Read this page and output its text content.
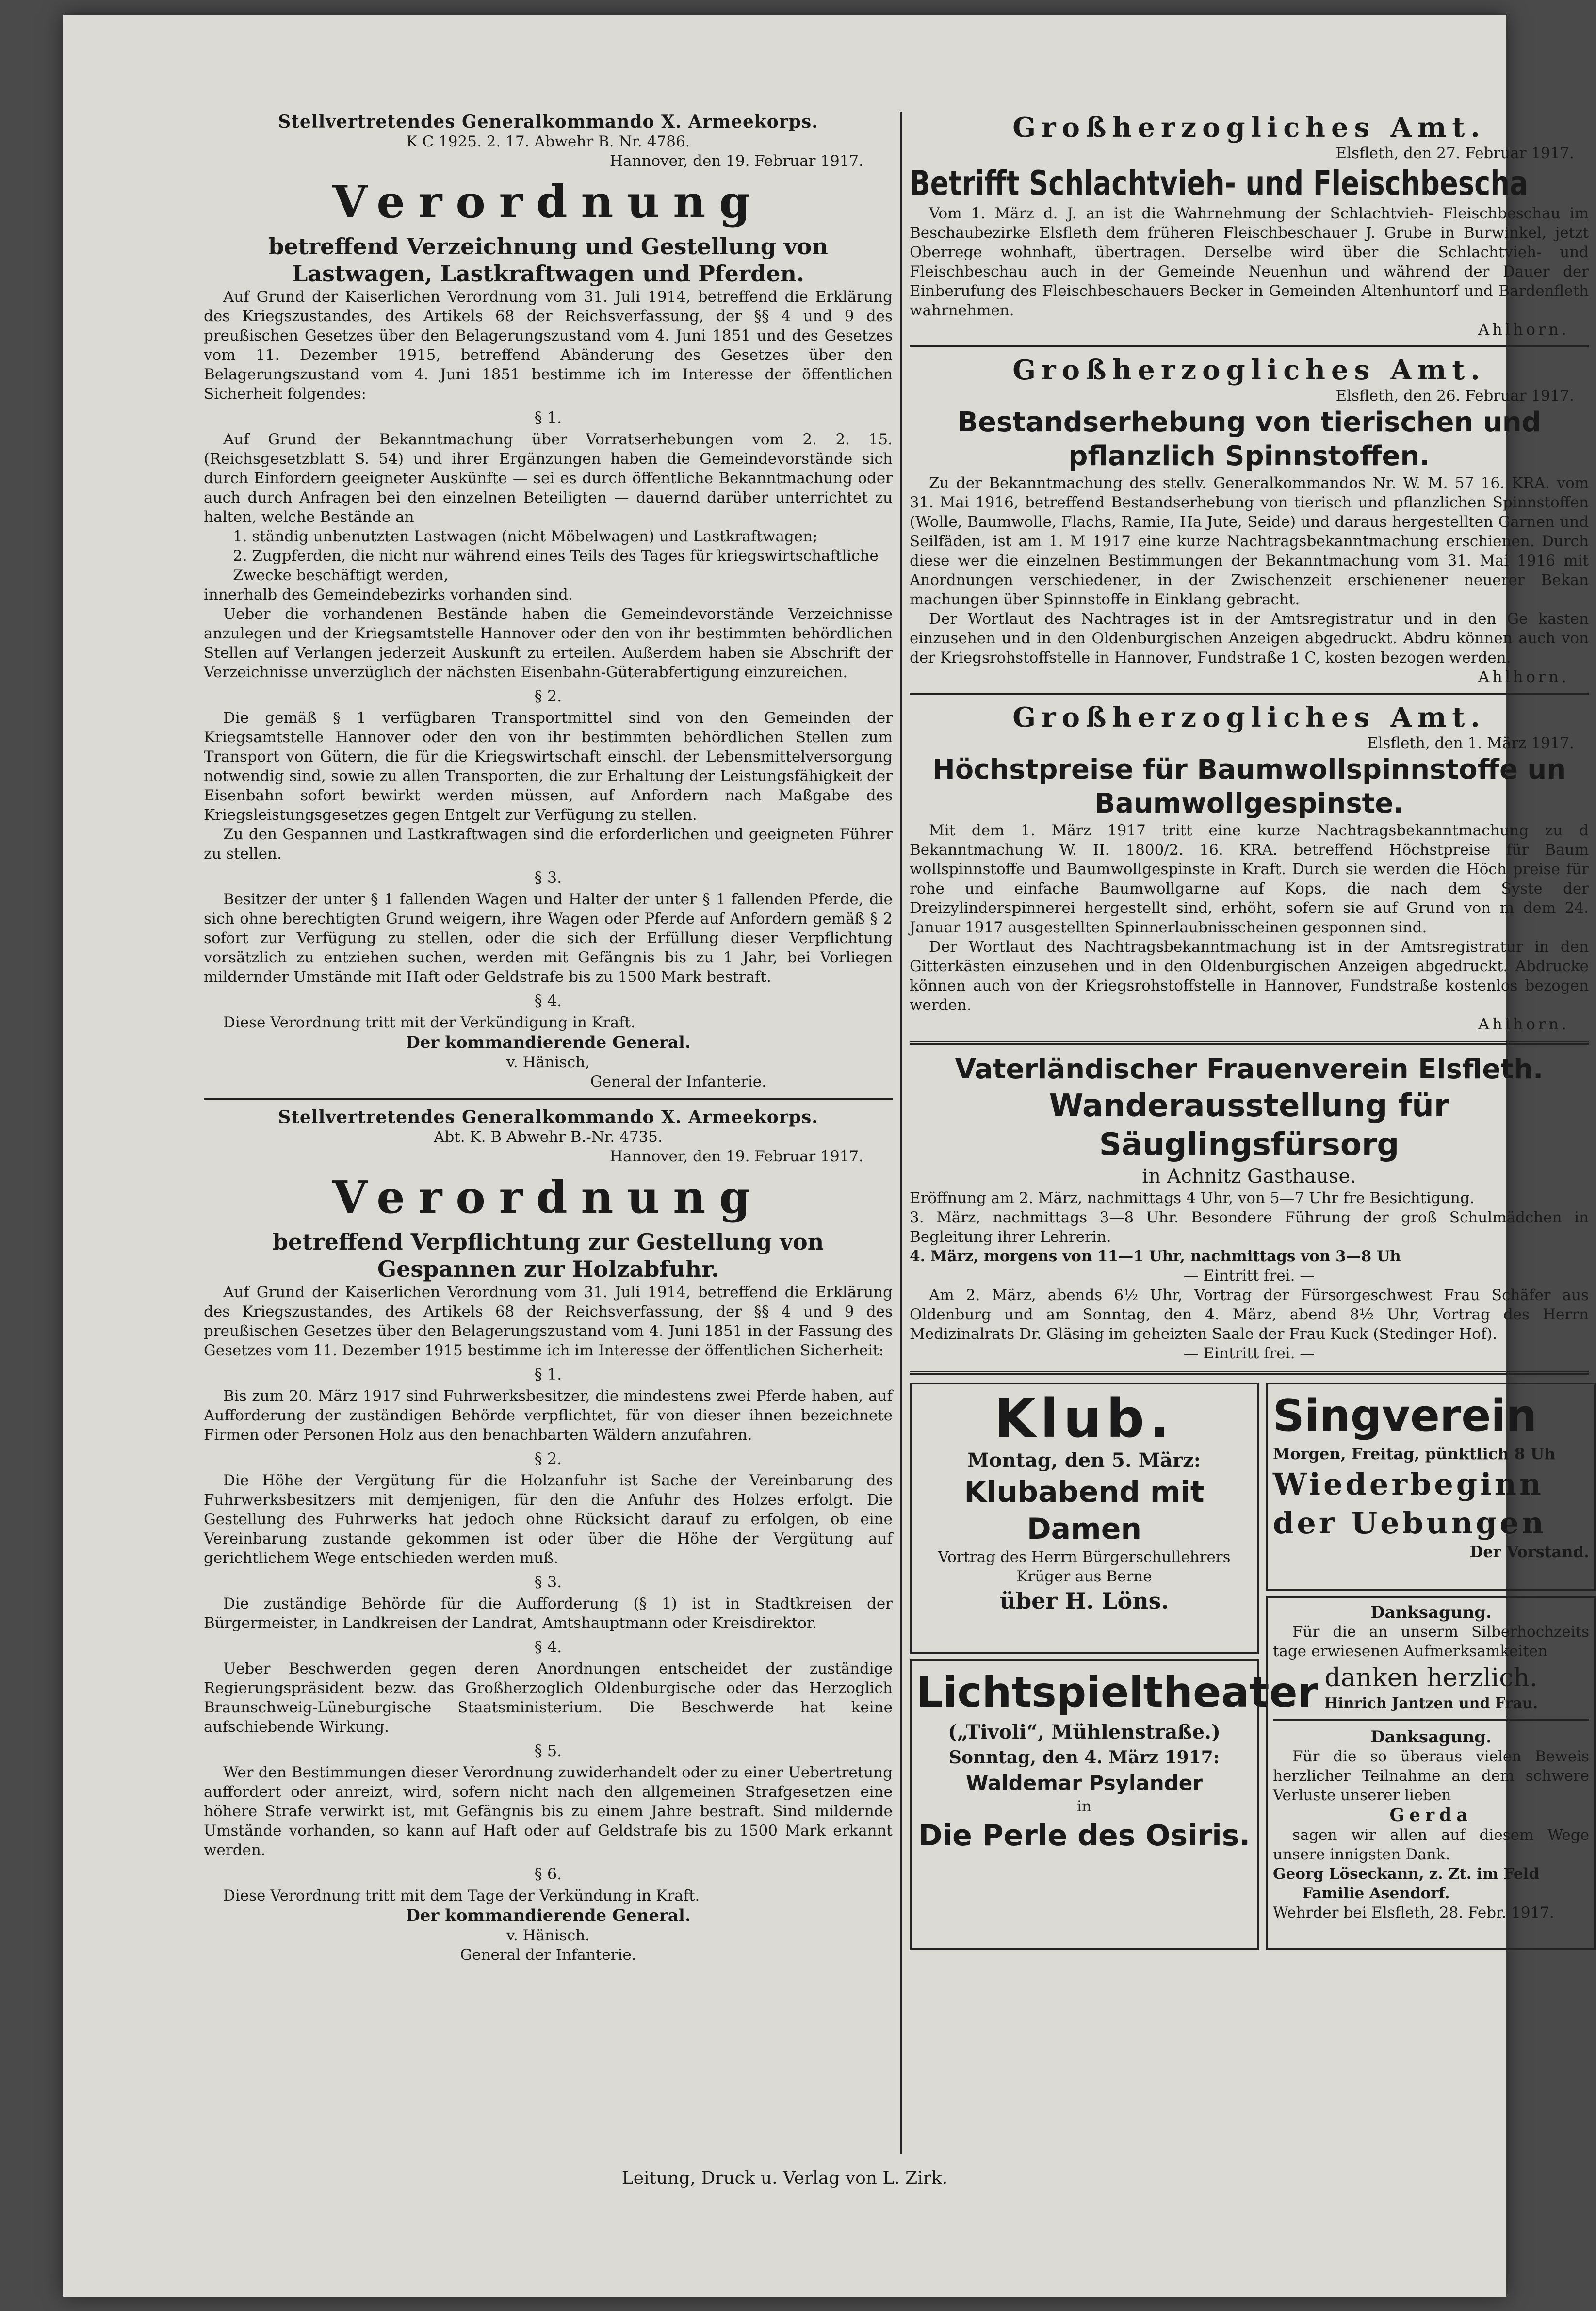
Stellvertretendes Generalkommando X. Armeekorps.
K C 1925. 2. 17. Abwehr B. Nr. 4786.
Hannover, den 19. Februar 1917.
Verordnung
betreffend Verzeichnung und Gestellung von Lastwagen, Lastkraftwagen und Pferden.

Auf Grund der Kaiserlichen Verordnung vom 31. Juli 1914, betreffend die Erklärung des Kriegszustandes, des Artikels 68 der Reichsverfassung, der §§ 4 und 9 des preußischen Gesetzes über den Belagerungszustand vom 4. Juni 1851 und des Gesetzes vom 11. Dezember 1915, betreffend Abänderung des Gesetzes über den Belagerungszustand vom 4. Juni 1851 bestimme ich im Interesse der öffentlichen Sicherheit folgendes:

§ 1.

Auf Grund der Bekanntmachung über Vorratserhebungen vom 2. 2. 15. (Reichsgesetzblatt S. 54) und ihrer Ergänzungen haben die Gemeindevorstände sich durch Einfordern geeigneter Auskünfte — sei es durch öffentliche Bekanntmachung oder auch durch Anfragen bei den einzelnen Beteiligten — dauernd darüber unterrichtet zu halten, welche Bestände an

1. ständig unbenutzten Lastwagen (nicht Möbelwagen) und Lastkraftwagen;
2. Zugpferden, die nicht nur während eines Teils des Tages für kriegswirtschaftliche Zwecke beschäftigt werden,
innerhalb des Gemeindebezirks vorhanden sind.

Ueber die vorhandenen Bestände haben die Gemeindevorstände Verzeichnisse anzulegen und der Kriegsamtstelle Hannover oder den von ihr bestimmten behördlichen Stellen auf Verlangen jederzeit Auskunft zu erteilen. Außerdem haben sie Abschrift der Verzeichnisse unverzüglich der nächsten Eisenbahn-Güterabfertigung einzureichen.

§ 2.

Die gemäß § 1 verfügbaren Transportmittel sind von den Gemeinden der Kriegsamtstelle Hannover oder den von ihr bestimmten behördlichen Stellen zum Transport von Gütern, die für die Kriegswirtschaft einschl. der Lebensmittelversorgung notwendig sind, sowie zu allen Transporten, die zur Erhaltung der Leistungsfähigkeit der Eisenbahn sofort bewirkt werden müssen, auf Anfordern nach Maßgabe des Kriegsleistungsgesetzes gegen Entgelt zur Verfügung zu stellen.

Zu den Gespannen und Lastkraftwagen sind die erforderlichen und geeigneten Führer zu stellen.

§ 3.

Besitzer der unter § 1 fallenden Wagen und Halter der unter § 1 fallenden Pferde, die sich ohne berechtigten Grund weigern, ihre Wagen oder Pferde auf Anfordern gemäß § 2 sofort zur Verfügung zu stellen, oder die sich der Erfüllung dieser Verpflichtung vorsätzlich zu entziehen suchen, werden mit Gefängnis bis zu 1 Jahr, bei Vorliegen mildernder Umstände mit Haft oder Geldstrafe bis zu 1500 Mark bestraft.

§ 4.

Diese Verordnung tritt mit der Verkündigung in Kraft.

Der kommandierende General.
v. Hänisch,
General der Infanterie.
Stellvertretendes Generalkommando X. Armeekorps.
Abt. K. B Abwehr B.-Nr. 4735.
Hannover, den 19. Februar 1917.
Verordnung
betreffend Verpflichtung zur Gestellung von Gespannen zur Holzabfuhr.

Auf Grund der Kaiserlichen Verordnung vom 31. Juli 1914, betreffend die Erklärung des Kriegszustandes, des Artikels 68 der Reichsverfassung, der §§ 4 und 9 des preußischen Gesetzes über den Belagerungszustand vom 4. Juni 1851 in der Fassung des Gesetzes vom 11. Dezember 1915 bestimme ich im Interesse der öffentlichen Sicherheit:

§ 1.

Bis zum 20. März 1917 sind Fuhrwerksbesitzer, die mindestens zwei Pferde haben, auf Aufforderung der zuständigen Behörde verpflichtet, für von dieser ihnen bezeichnete Firmen oder Personen Holz aus den benachbarten Wäldern anzufahren.

§ 2.

Die Höhe der Vergütung für die Holzanfuhr ist Sache der Vereinbarung des Fuhrwerksbesitzers mit demjenigen, für den die Anfuhr des Holzes erfolgt. Die Gestellung des Fuhrwerks hat jedoch ohne Rücksicht darauf zu erfolgen, ob eine Vereinbarung zustande gekommen ist oder über die Höhe der Vergütung auf gerichtlichem Wege entschieden werden muß.

§ 3.

Die zuständige Behörde für die Aufforderung (§ 1) ist in Stadtkreisen der Bürgermeister, in Landkreisen der Landrat, Amtshauptmann oder Kreisdirektor.

§ 4.

Ueber Beschwerden gegen deren Anordnungen entscheidet der zuständige Regierungspräsident bezw. das Großherzoglich Oldenburgische oder das Herzoglich Braunschweig-Lüneburgische Staatsministerium. Die Beschwerde hat keine aufschiebende Wirkung.

§ 5.

Wer den Bestimmungen dieser Verordnung zuwiderhandelt oder zu einer Uebertretung auffordert oder anreizt, wird, sofern nicht nach den allgemeinen Strafgesetzen eine höhere Strafe verwirkt ist, mit Gefängnis bis zu einem Jahre bestraft. Sind mildernde Umstände vorhanden, so kann auf Haft oder auf Geldstrafe bis zu 1500 Mark erkannt werden.

§ 6.

Diese Verordnung tritt mit dem Tage der Verkündung in Kraft.

Der kommandierende General.
v. Hänisch.
General der Infanterie.
Großherzogliches Amt.
Elsfleth, den 27. Februar 1917.
Betrifft Schlachtvieh- und Fleischbescha

Vom 1. März d. J. an ist die Wahrnehmung der Schlachtvieh- Fleischbeschau im Beschaubezirke Elsfleth dem früheren Fleischbeschauer J. Grube in Burwinkel, jetzt Oberrege wohnhaft, übertragen. Derselbe wird über die Schlachtvieh- und Fleischbeschau auch in der Gemeinde Neuenhun und während der Dauer der Einberufung des Fleischbeschauers Becker in Gemeinden Altenhuntorf und Bardenfleth wahrnehmen.

Ahlhorn.
Großherzogliches Amt.
Elsfleth, den 26. Februar 1917.
Bestandserhebung von tierischen und pflanzlich Spinnstoffen.

Zu der Bekanntmachung des stellv. Generalkommandos Nr. W. M. 57 16. KRA. vom 31. Mai 1916, betreffend Bestandserhebung von tierisch und pflanzlichen Spinnstoffen (Wolle, Baumwolle, Flachs, Ramie, Ha Jute, Seide) und daraus hergestellten Garnen und Seilfäden, ist am 1. M 1917 eine kurze Nachtragsbekanntmachung erschienen. Durch diese wer die einzelnen Bestimmungen der Bekanntmachung vom 31. Mai 1916 mit Anordnungen verschiedener, in der Zwischenzeit erschienener neuerer Bekan machungen über Spinnstoffe in Einklang gebracht.

Der Wortlaut des Nachtrages ist in der Amtsregistratur und in den Ge kasten einzusehen und in den Oldenburgischen Anzeigen abgedruckt. Abdru können auch von der Kriegsrohstoffstelle in Hannover, Fundstraße 1 C, kosten bezogen werden.

Ahlhorn.
Großherzogliches Amt.
Elsfleth, den 1. März 1917.
Höchstpreise für Baumwollspinnstoffe un Baumwollgespinste.

Mit dem 1. März 1917 tritt eine kurze Nachtragsbekanntmachung zu d Bekanntmachung W. II. 1800/2. 16. KRA. betreffend Höchstpreise für Baum wollspinnstoffe und Baumwollgespinste in Kraft. Durch sie werden die Höch preise für rohe und einfache Baumwollgarne auf Kops, die nach dem Syste der Dreizylinderspinnerei hergestellt sind, erhöht, sofern sie auf Grund von m dem 24. Januar 1917 ausgestellten Spinnerlaubnisscheinen gesponnen sind.

Der Wortlaut des Nachtragsbekanntmachung ist in der Amtsregistratur in den Gitterkästen einzusehen und in den Oldenburgischen Anzeigen abgedruckt. Abdrucke können auch von der Kriegsrohstoffstelle in Hannover, Fundstraße kostenlos bezogen werden.

Ahlhorn.
Vaterländischer Frauenverein Elsfleth.
Wanderausstellung für Säuglingsfürsorg
in Achnitz Gasthause.

Eröffnung am 2. März, nachmittags 4 Uhr, von 5—7 Uhr fre Besichtigung.

3. März, nachmittags 3—8 Uhr. Besondere Führung der groß Schulmädchen in Begleitung ihrer Lehrerin.

4. März, morgens von 11—1 Uhr, nachmittags von 3—8 Uh

— Eintritt frei. —

Am 2. März, abends 6½ Uhr, Vortrag der Fürsorgeschwest Frau Schäfer aus Oldenburg und am Sonntag, den 4. März, abend 8½ Uhr, Vortrag des Herrn Medizinalrats Dr. Gläsing im geheizten Saale der Frau Kuck (Stedinger Hof).

— Eintritt frei. —
Klub.
Montag, den 5. März:
Klubabend mit Damen
Vortrag des Herrn Bürgerschullehrers
Krüger aus Berne
über H. Löns.
Lichtspieltheater
(„Tivoli“, Mühlenstraße.)
Sonntag, den 4. März 1917:
Waldemar Psylander
in
Die Perle des Osiris.
Singverein
Morgen, Freitag, pünktlich 8 Uh
Wiederbeginn
der Uebungen
Der Vorstand.
Danksagung.

Für die an unserm Silberhochzeits tage erwiesenen Aufmerksamkeiten

danken herzlich.
Hinrich Jantzen und Frau.
Danksagung.

Für die so überaus vielen Beweis herzlicher Teilnahme an dem schwere Verluste unserer lieben

Gerda

sagen wir allen auf diesem Wege unsere innigsten Dank.

Georg Löseckann, z. Zt. im Feld
Familie Asendorf.
Wehrder bei Elsfleth, 28. Febr. 1917.
Leitung, Druck u. Verlag von L. Zirk.
